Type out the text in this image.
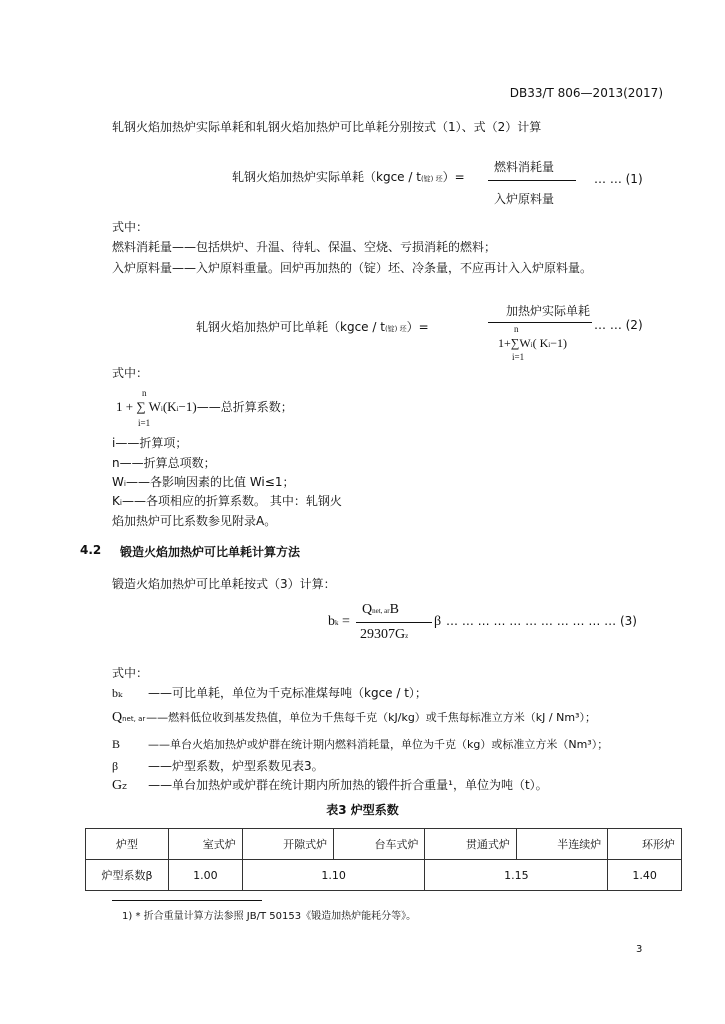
DB33/T 806—2013(2017)
轧钢火焰加热炉实际单耗和轧钢火焰加热炉可比单耗分别按式（1）、式（2）计算
轧钢火焰加热炉实际单耗（kgce / t(锭) 坯）=
燃料消耗量
入炉原料量
… … (1)
式中：
燃料消耗量——包括烘炉、升温、待轧、保温、空烧、亏损消耗的燃料；
入炉原料量——入炉原料重量。回炉再加热的（锭）坯、冷条量，不应再计入入炉原料量。
轧钢火焰加热炉可比单耗（kgce / t(锭) 坯）=
加热炉实际单耗
n
1+∑Wi( Ki−1)
i=1
… … (2)
式中：
n
1 + ∑ Wi(Ki−1)——总折算系数；
i=1
i——折算项；
n——折算总项数；
Wᵢ——各影响因素的比值 Wi≤1；
Kᵢ——各项相应的折算系数。 其中：轧钢火
焰加热炉可比系数参见附录A。
4.2 锻造火焰加热炉可比单耗计算方法
锻造火焰加热炉可比单耗按式（3）计算：
bk =
Qnet, arB
29307Gz
β … … … … … … … … … … … (3)
式中：
bₖ ——可比单耗，单位为千克标准煤每吨（kgce / t）；
Qnet, ar——燃料低位收到基发热值，单位为千焦每千克（kJ/kg）或千焦每标准立方米（kJ / Nm³）；
B	——单台火焰加热炉或炉群在统计期内燃料消耗量，单位为千克（kg）或标准立方米（Nm³）；
β ——炉型系数，炉型系数见表3。
GZ ——单台加热炉或炉群在统计期内所加热的锻件折合重量¹，单位为吨（t）。
表3 炉型系数
炉型	室式炉	开隙式炉	台车式炉	贯通式炉	半连续炉	环形炉
炉型系数β	1.00	1.10		1.15		1.40
1) * 折合重量计算方法参照 JB/T 50153《锻造加热炉能耗分等》。
3
